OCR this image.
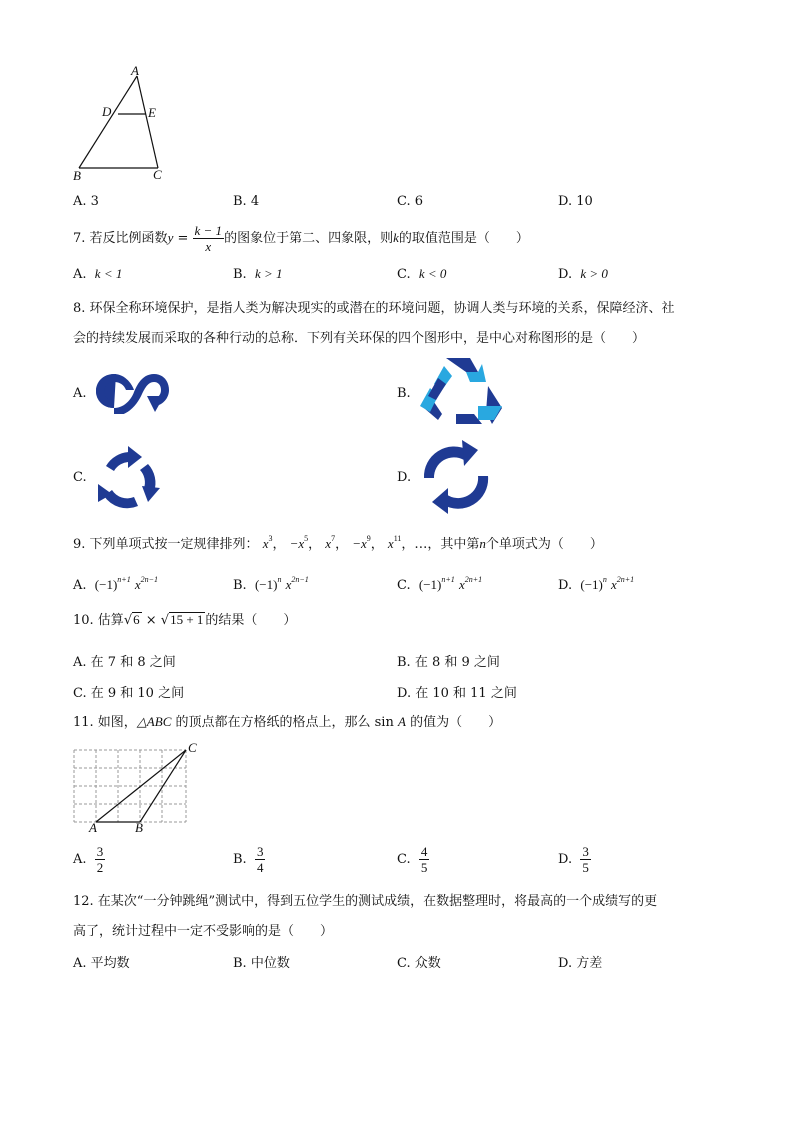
A
D	E
B	C
A. 3	B. 4	C. 6	D. 10
7. 若反比例函数$y = \frac{k - 1}{x}$ 的图象位于第二、四象限，则k的取值范围是（　　）
A. k < 1	B. k > 1	C. k < 0	D. k > 0
8. 环保全称环境保护，是指人类为解决现实的或潜在的环境问题，协调人类与环境的关系，保障经济、社
会的持续发展而采取的各种行动的总称．下列有关环保的四个图形中，是中心对称图形的是（　　）
A.	B.
C.	D.
9. 下列单项式按一定规律排列： $x^3$， $-x^5$， $x^7$， $-x^9$， $x^{11}$，…，其中第n个单项式为（　　）
A. $(-1)^{n+1}$ $x^{2n-1}$	B. $(-1)^n$ $x^{2n-1}$	C. $(-1)^{n+1}$ $x^{2n+1}$	D. $(-1)^n$ $x^{2n+1}$
10. 估算√6 × √15 + 1 的结果（　　）
A. 在 7 和 8 之间	B. 在 8 和 9 之间
C. 在 9 和 10 之间	D. 在 10 和 11 之间
11. 如图，△ABC 的顶点都在方格纸的格点上，那么 sin A 的值为（　　）
C
A	B
A. $\frac{3}{2}$	B. $\frac{3}{4}$	C. $\frac{4}{5}$	D. $\frac{3}{5}$
12. 在某次“一分钟跳绳”测试中，得到五位学生的测试成绩，在数据整理时，将最高的一个成绩写的更
高了，统计过程中一定不受影响的是（　　）
A. 平均数	B. 中位数	C. 众数	D. 方差
